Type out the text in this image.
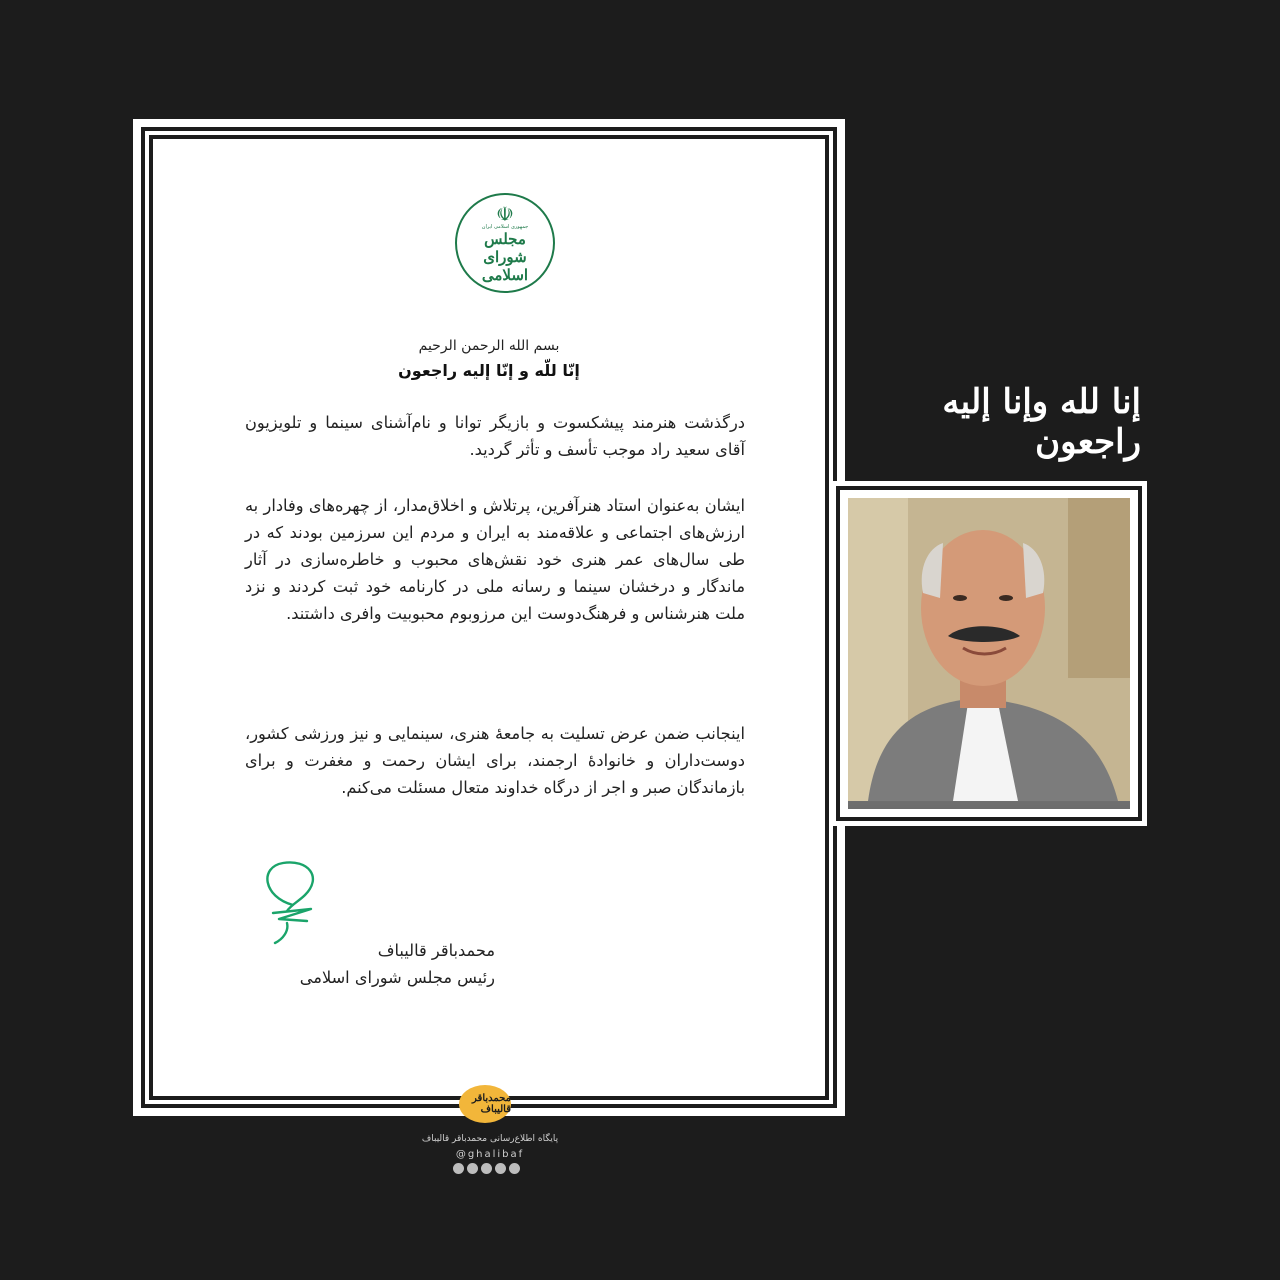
☫
جمهوری اسلامی ایران
مجلس شورای اسلامی
بسم الله الرحمن الرحیم
إنّا للّه و إنّا إلیه راجعون
درگذشت هنرمند پیشکسوت و بازیگر توانا و نام‌آشنای سینما و تلویزیون آقای سعید راد موجب تأسف و تأثر گردید.
ایشان به‌عنوان استاد هنرآفرین، پرتلاش و اخلاق‌مدار، از چهره‌های وفادار به ارزش‌های اجتماعی و علاقه‌مند به ایران و مردم این سرزمین بودند که در طی سال‌های عمر هنری خود نقش‌های محبوب و خاطره‌سازی در آثار ماندگار و درخشان سینما و رسانه ملی در کارنامه خود ثبت کردند و نزد ملت هنرشناس و فرهنگ‌دوست این مرزوبوم محبوبیت وافری داشتند.
اینجانب ضمن عرض تسلیت به جامعهٔ هنری، سینمایی و نیز ورزشی کشور، دوست‌داران و خانوادهٔ ارجمند، برای ایشان رحمت و مغفرت و برای بازماندگان صبر و اجر از درگاه خداوند متعال مسئلت می‌کنم.
محمدباقر قالیباف
رئیس مجلس شورای اسلامی
إنا لله وإنا إليه راجعون
محمدباقر قالیباف
پایگاه اطلاع‌رسانی محمدباقر قالیباف
@ghalibaf
